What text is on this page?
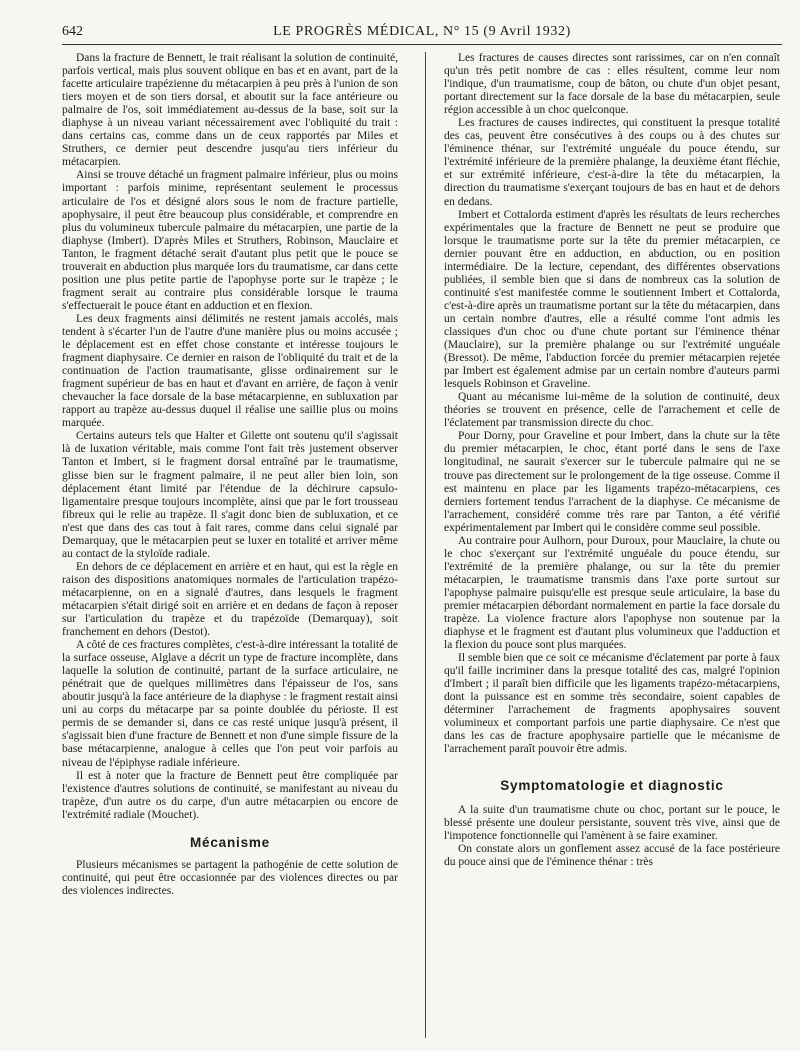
642	LE PROGRÈS MÉDICAL, N° 15 (9 Avril 1932)

Dans la fracture de Bennett, le trait réalisant la solution de continuité, parfois vertical, mais plus souvent oblique en bas et en avant, part de la facette articulaire trapézienne du métacarpien à peu près à l'union de son tiers moyen et de son tiers dorsal, et aboutit sur la face antérieure ou palmaire de l'os, soit immédiatement au-dessus de la base, soit sur la diaphyse à un niveau variant nécessairement avec l'obliquité du trait : dans certains cas, comme dans un de ceux rapportés par Miles et Struthers, ce dernier peut descendre jusqu'au tiers inférieur du métacarpien.

Ainsi se trouve détaché un fragment palmaire inférieur, plus ou moins important : parfois minime, représentant seulement le processus articulaire de l'os et désigné alors sous le nom de fracture partielle, apophysaire, il peut être beaucoup plus considérable, et comprendre en plus du volumineux tubercule palmaire du métacarpien, une partie de la diaphyse (Imbert). D'après Miles et Struthers, Robinson, Mauclaire et Tanton, le fragment détaché serait d'autant plus petit que le pouce se trouverait en abduction plus marquée lors du traumatisme, car dans cette position une plus petite partie de l'apophyse porte sur le trapèze ; le fragment serait au contraire plus considérable lorsque le trauma s'effectuerait le pouce étant en adduction et en flexion.

Les deux fragments ainsi délimités ne restent jamais accolés, mais tendent à s'écarter l'un de l'autre d'une manière plus ou moins accusée ; le déplacement est en effet chose constante et intéresse toujours le fragment diaphysaire. Ce dernier en raison de l'obliquité du trait et de la continuation de l'action traumatisante, glisse ordinairement sur le fragment supérieur de bas en haut et d'avant en arrière, de façon à venir chevaucher la face dorsale de la base métacarpienne, en subluxation par rapport au trapèze au-dessus duquel il réalise une saillie plus ou moins marquée.

Certains auteurs tels que Halter et Gilette ont soutenu qu'il s'agissait là de luxation véritable, mais comme l'ont fait très justement observer Tanton et Imbert, si le fragment dorsal entraîné par le traumatisme, glisse bien sur le fragment palmaire, il ne peut aller bien loin, son déplacement étant limité par l'étendue de la déchirure capsulo-ligamentaire presque toujours incomplète, ainsi que par le fort trousseau fibreux qui le relie au trapèze. Il s'agit donc bien de subluxation, et ce n'est que dans des cas tout à fait rares, comme dans celui signalé par Demarquay, que le métacarpien peut se luxer en totalité et arriver même au contact de la styloïde radiale.

En dehors de ce déplacement en arrière et en haut, qui est la règle en raison des dispositions anatomiques normales de l'articulation trapézo-métacarpienne, on en a signalé d'autres, dans lesquels le fragment métacarpien s'était dirigé soit en arrière et en dedans de façon à reposer sur l'articulation du trapèze et du trapézoïde (Demarquay), soit franchement en dehors (Destot).

A côté de ces fractures complètes, c'est-à-dire intéressant la totalité de la surface osseuse, Alglave a décrit un type de fracture incomplète, dans laquelle la solution de continuité, partant de la surface articulaire, ne pénétrait que de quelques millimètres dans l'épaisseur de l'os, sans aboutir jusqu'à la face antérieure de la diaphyse : le fragment restait ainsi uni au corps du métacarpe par sa pointe doublée du périoste. Il est permis de se demander si, dans ce cas resté unique jusqu'à présent, il s'agissait bien d'une fracture de Bennett et non d'une simple fissure de la base métacarpienne, analogue à celles que l'on peut voir parfois au niveau de l'épiphyse radiale inférieure.

Il est à noter que la fracture de Bennett peut être compliquée par l'existence d'autres solutions de continuité, se manifestant au niveau du trapèze, d'un autre os du carpe, d'un autre métacarpien ou encore de l'extrémité radiale (Mouchet).

Mécanisme

Plusieurs mécanismes se partagent la pathogénie de cette solution de continuité, qui peut être occasionnée par des violences directes ou par des violences indirectes.

Les fractures de causes directes sont rarissimes, car on n'en connaît qu'un très petit nombre de cas : elles résultent, comme leur nom l'indique, d'un traumatisme, coup de bâton, ou chute d'un objet pesant, portant directement sur la face dorsale de la base du métacarpien, seule région accessible à un choc quelconque.

Les fractures de causes indirectes, qui constituent la presque totalité des cas, peuvent être consécutives à des coups ou à des chutes sur l'éminence thénar, sur l'extrémité unguéale du pouce étendu, sur l'extrémité inférieure de la première phalange, la deuxième étant fléchie, et sur extrémité inférieure, c'est-à-dire la tête du métacarpien, la direction du traumatisme s'exerçant toujours de bas en haut et de dehors en dedans.

Imbert et Cottalorda estiment d'après les résultats de leurs recherches expérimentales que la fracture de Bennett ne peut se produire que lorsque le traumatisme porte sur la tête du premier métacarpien, ce dernier pouvant être en adduction, en abduction, ou en position intermédiaire. De la lecture, cependant, des différentes observations publiées, il semble bien que si dans de nombreux cas la solution de continuité s'est manifestée comme le soutiennent Imbert et Cottalorda, c'est-à-dire après un traumatisme portant sur la tête du métacarpien, dans un certain nombre d'autres, elle a résulté comme l'ont admis les classiques d'un choc ou d'une chute portant sur l'éminence thénar (Mauclaire), sur la première phalange ou sur l'extrémité unguéale (Bressot). De même, l'abduction forcée du premier métacarpien rejetée par Imbert est également admise par un certain nombre d'auteurs parmi lesquels Robinson et Graveline.

Quant au mécanisme lui-même de la solution de continuité, deux théories se trouvent en présence, celle de l'arrachement et celle de l'éclatement par transmission directe du choc.

Pour Dorny, pour Graveline et pour Imbert, dans la chute sur la tête du premier métacarpien, le choc, étant porté dans le sens de l'axe longitudinal, ne saurait s'exercer sur le tubercule palmaire qui ne se trouve pas directement sur le prolongement de la tige osseuse. Comme il est maintenu en place par les ligaments trapézo-métacarpiens, ces derniers fortement tendus l'arrachent de la diaphyse. Ce mécanisme de l'arrachement, considéré comme très rare par Tanton, a été vérifié expérimentalement par Imbert qui le considère comme seul possible.

Au contraire pour Aulhorn, pour Duroux, pour Mauclaire, la chute ou le choc s'exerçant sur l'extrémité unguéale du pouce étendu, sur l'extrémité de la première phalange, ou sur la tête du premier métacarpien, le traumatisme transmis dans l'axe porte surtout sur l'apophyse palmaire puisqu'elle est presque seule articulaire, la base du premier métacarpien débordant normalement en partie la face dorsale du trapèze. La violence fracture alors l'apophyse non soutenue par la diaphyse et le fragment est d'autant plus volumineux que l'adduction et la flexion du pouce sont plus marquées.

Il semble bien que ce soit ce mécanisme d'éclatement par porte à faux qu'il faille incriminer dans la presque totalité des cas, malgré l'opinion d'Imbert ; il paraît bien difficile que les ligaments trapézo-métacarpiens, dont la puissance est en somme très secondaire, soient capables de déterminer l'arrachement de fragments apophysaires souvent volumineux et comportant parfois une partie diaphysaire. Ce n'est que dans les cas de fracture apophysaire partielle que le mécanisme de l'arrachement paraît pouvoir être admis.

Symptomatologie et diagnostic

A la suite d'un traumatisme chute ou choc, portant sur le pouce, le blessé présente une douleur persistante, souvent très vive, ainsi que de l'impotence fonctionnelle qui l'amènent à se faire examiner.

On constate alors un gonflement assez accusé de la face postérieure du pouce ainsi que de l'éminence thénar : très
